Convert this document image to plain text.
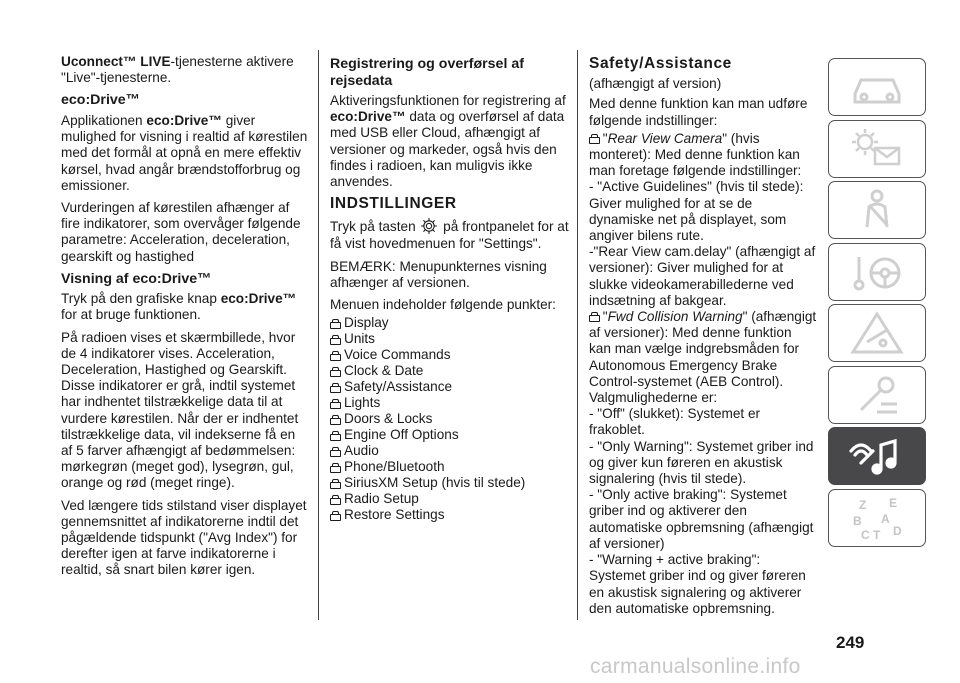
Uconnect™ LIVE-tjenesterne aktivere "Live"-tjenesterne.

eco:Drive™

Applikationen eco:Drive™ giver mulighed for visning i realtid af kørestilen med det formål at opnå en mere effektiv kørsel, hvad angår brændstofforbrug og emissioner.

Vurderingen af kørestilen afhænger af fire indikatorer, som overvåger følgende parametre: Acceleration, deceleration, gearskift og hastighed

Visning af eco:Drive™

Tryk på den grafiske knap eco:Drive™ for at bruge funktionen.

På radioen vises et skærmbillede, hvor de 4 indikatorer vises. Acceleration, Deceleration, Hastighed og Gearskift. Disse indikatorer er grå, indtil systemet har indhentet tilstrækkelige data til at vurdere kørestilen. Når der er indhentet tilstrækkelige data, vil indekserne få en af 5 farver afhængigt af bedømmelsen: mørkegrøn (meget god), lysegrøn, gul, orange og rød (meget ringe).

Ved længere tids stilstand viser displayet gennemsnittet af indikatorerne indtil det pågældende tidspunkt ("Avg Index") for derefter igen at farve indikatorerne i realtid, så snart bilen kører igen.

Registrering og overførsel af rejsedata

Aktiveringsfunktionen for registrering af eco:Drive™ data og overførsel af data med USB eller Cloud, afhængigt af versioner og markeder, også hvis den findes i radioen, kan muligvis ikke anvendes.

INDSTILLINGER

Tryk på tasten  på frontpanelet for at få vist hovedmenuen for "Settings".

BEMÆRK: Menupunkternes visning afhænger af versionen.

Menuen indeholder følgende punkter:

Display
Units
Voice Commands
Clock & Date
Safety/Assistance
Lights
Doors & Locks
Engine Off Options
Audio
Phone/Bluetooth
SiriusXM Setup (hvis til stede)
Radio Setup
Restore Settings
Safety/Assistance

(afhængigt af version)

Med denne funktion kan man udføre følgende indstillinger:

"Rear View Camera" (hvis monteret): Med denne funktion kan man foretage følgende indstillinger:

- "Active Guidelines" (hvis til stede): Giver mulighed for at se de dynamiske net på displayet, som angiver bilens rute.

-"Rear View cam.delay" (afhængigt af versioner): Giver mulighed for at slukke videokamerabillederne ved indsætning af bakgear.

"Fwd Collision Warning" (afhængigt af versioner): Med denne funktion kan man vælge indgrebsmåden for Autonomous Emergency Brake Control-systemet (AEB Control). Valgmulighederne er:

- "Off" (slukket): Systemet er frakoblet.

- "Only Warning": Systemet griber ind og giver kun føreren en akustisk signalering (hvis til stede).

- "Only active braking": Systemet griber ind og aktiverer den automatiske opbremsning (afhængigt af versioner)

- "Warning + active braking": Systemet griber ind og giver føreren en akustisk signalering og aktiverer den automatiske opbremsning.

Z E
B A
C T D
249
carmanualsonline.info
